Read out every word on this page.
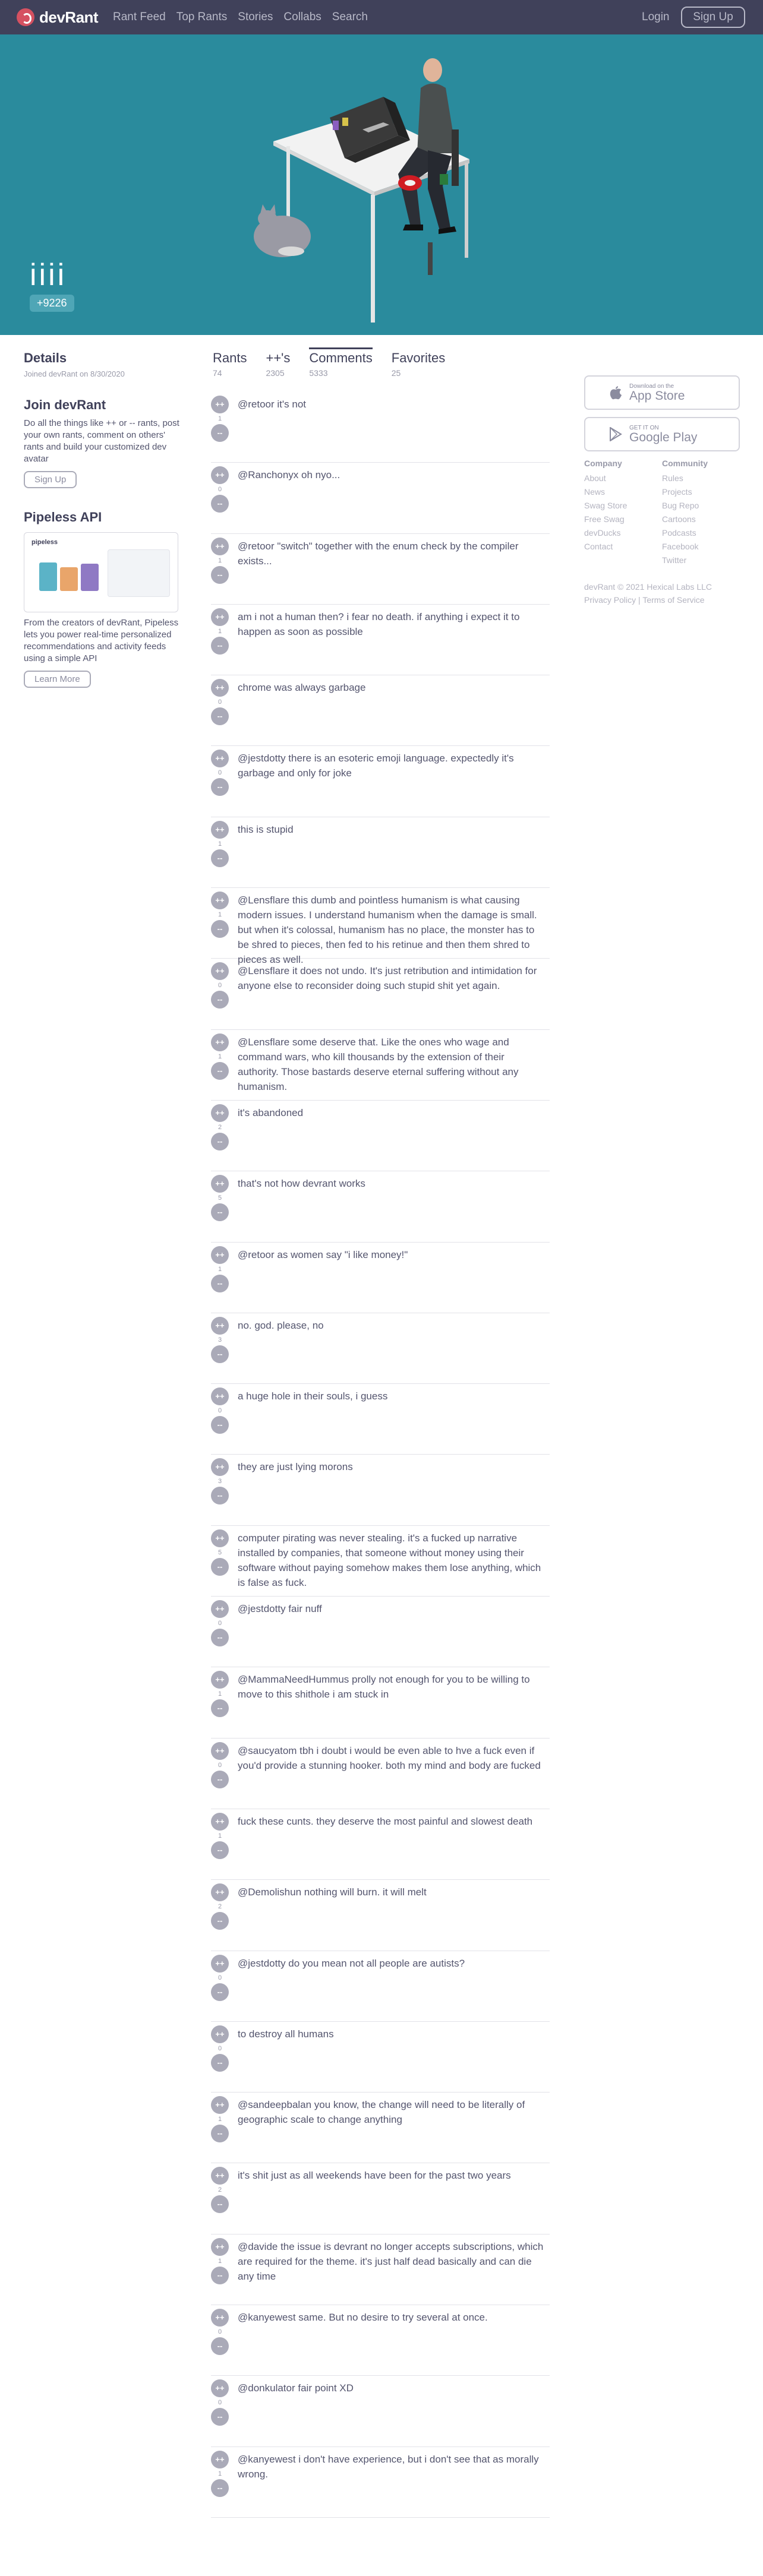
devRant Rant Feed Top Rants Stories Collabs Search	Login	Sign Up
iiii
+9226
Details
Joined devRant on 8/30/2020
Join devRant
Do all the things like ++ or -- rants, post your own rants, comment on others' rants and build your customized dev avatar
Sign Up
Pipeless API
pipeless
From the creators of devRant, Pipeless lets you power real-time personalized recommendations and activity feeds using a simple API
Learn More
Rants
74
++'s
2305
Comments
5333
Favorites
25
++
1
--
@retoor it's not
++
0
--
@Ranchonyx oh nyo...
++
1
--
@retoor "switch" together with the enum check by the compiler exists...
++
1
--
am i not a human then? i fear no death. if anything i expect it to happen as soon as possible
++
0
--
chrome was always garbage
++
0
--
@jestdotty there is an esoteric emoji language. expectedly it's garbage and only for joke
++
1
--
this is stupid
++
1
--
@Lensflare this dumb and pointless humanism is what causing modern issues. I understand humanism when the damage is small. but when it's colossal, humanism has no place, the monster has to be shred to pieces, then fed to his retinue and then them shred to pieces as well.
++
0
--
@Lensflare it does not undo. It's just retribution and intimidation for anyone else to reconsider doing such stupid shit yet again.
++
1
--
@Lensflare some deserve that. Like the ones who wage and command wars, who kill thousands by the extension of their authority. Those bastards deserve eternal suffering without any humanism.
++
2
--
it's abandoned
++
5
--
that's not how devrant works
++
1
--
@retoor as women say "i like money!"
++
3
--
no. god. please, no
++
0
--
a huge hole in their souls, i guess
++
3
--
they are just lying morons
++
5
--
computer pirating was never stealing. it's a fucked up narrative installed by companies, that someone without money using their software without paying somehow makes them lose anything, which is false as fuck.
++
0
--
@jestdotty fair nuff
++
1
--
@MammaNeedHummus prolly not enough for you to be willing to move to this shithole i am stuck in
++
0
--
@saucyatom tbh i doubt i would be even able to hve a fuck even if you'd provide a stunning hooker. both my mind and body are fucked
++
1
--
fuck these cunts. they deserve the most painful and slowest death
++
2
--
@Demolishun nothing will burn. it will melt
++
0
--
@jestdotty do you mean not all people are autists?
++
0
--
to destroy all humans
++
1
--
@sandeepbalan you know, the change will need to be literally of geographic scale to change anything
++
2
--
it's shit just as all weekends have been for the past two years
++
1
--
@davide the issue is devrant no longer accepts subscriptions, which are required for the theme. it's just half dead basically and can die any time
++
0
--
@kanyewest same. But no desire to try several at once.
++
0
--
@donkulator fair point XD
++
1
--
@kanyewest i don't have experience, but i don't see that as morally wrong.
Download on the
App Store
GET IT ON
Google Play
Company
About
News
Swag Store
Free Swag
devDucks
Contact
Community
Rules
Projects
Bug Repo
Cartoons
Podcasts
Facebook
Twitter
devRant © 2021 Hexical Labs LLC
Privacy Policy | Terms of Service
